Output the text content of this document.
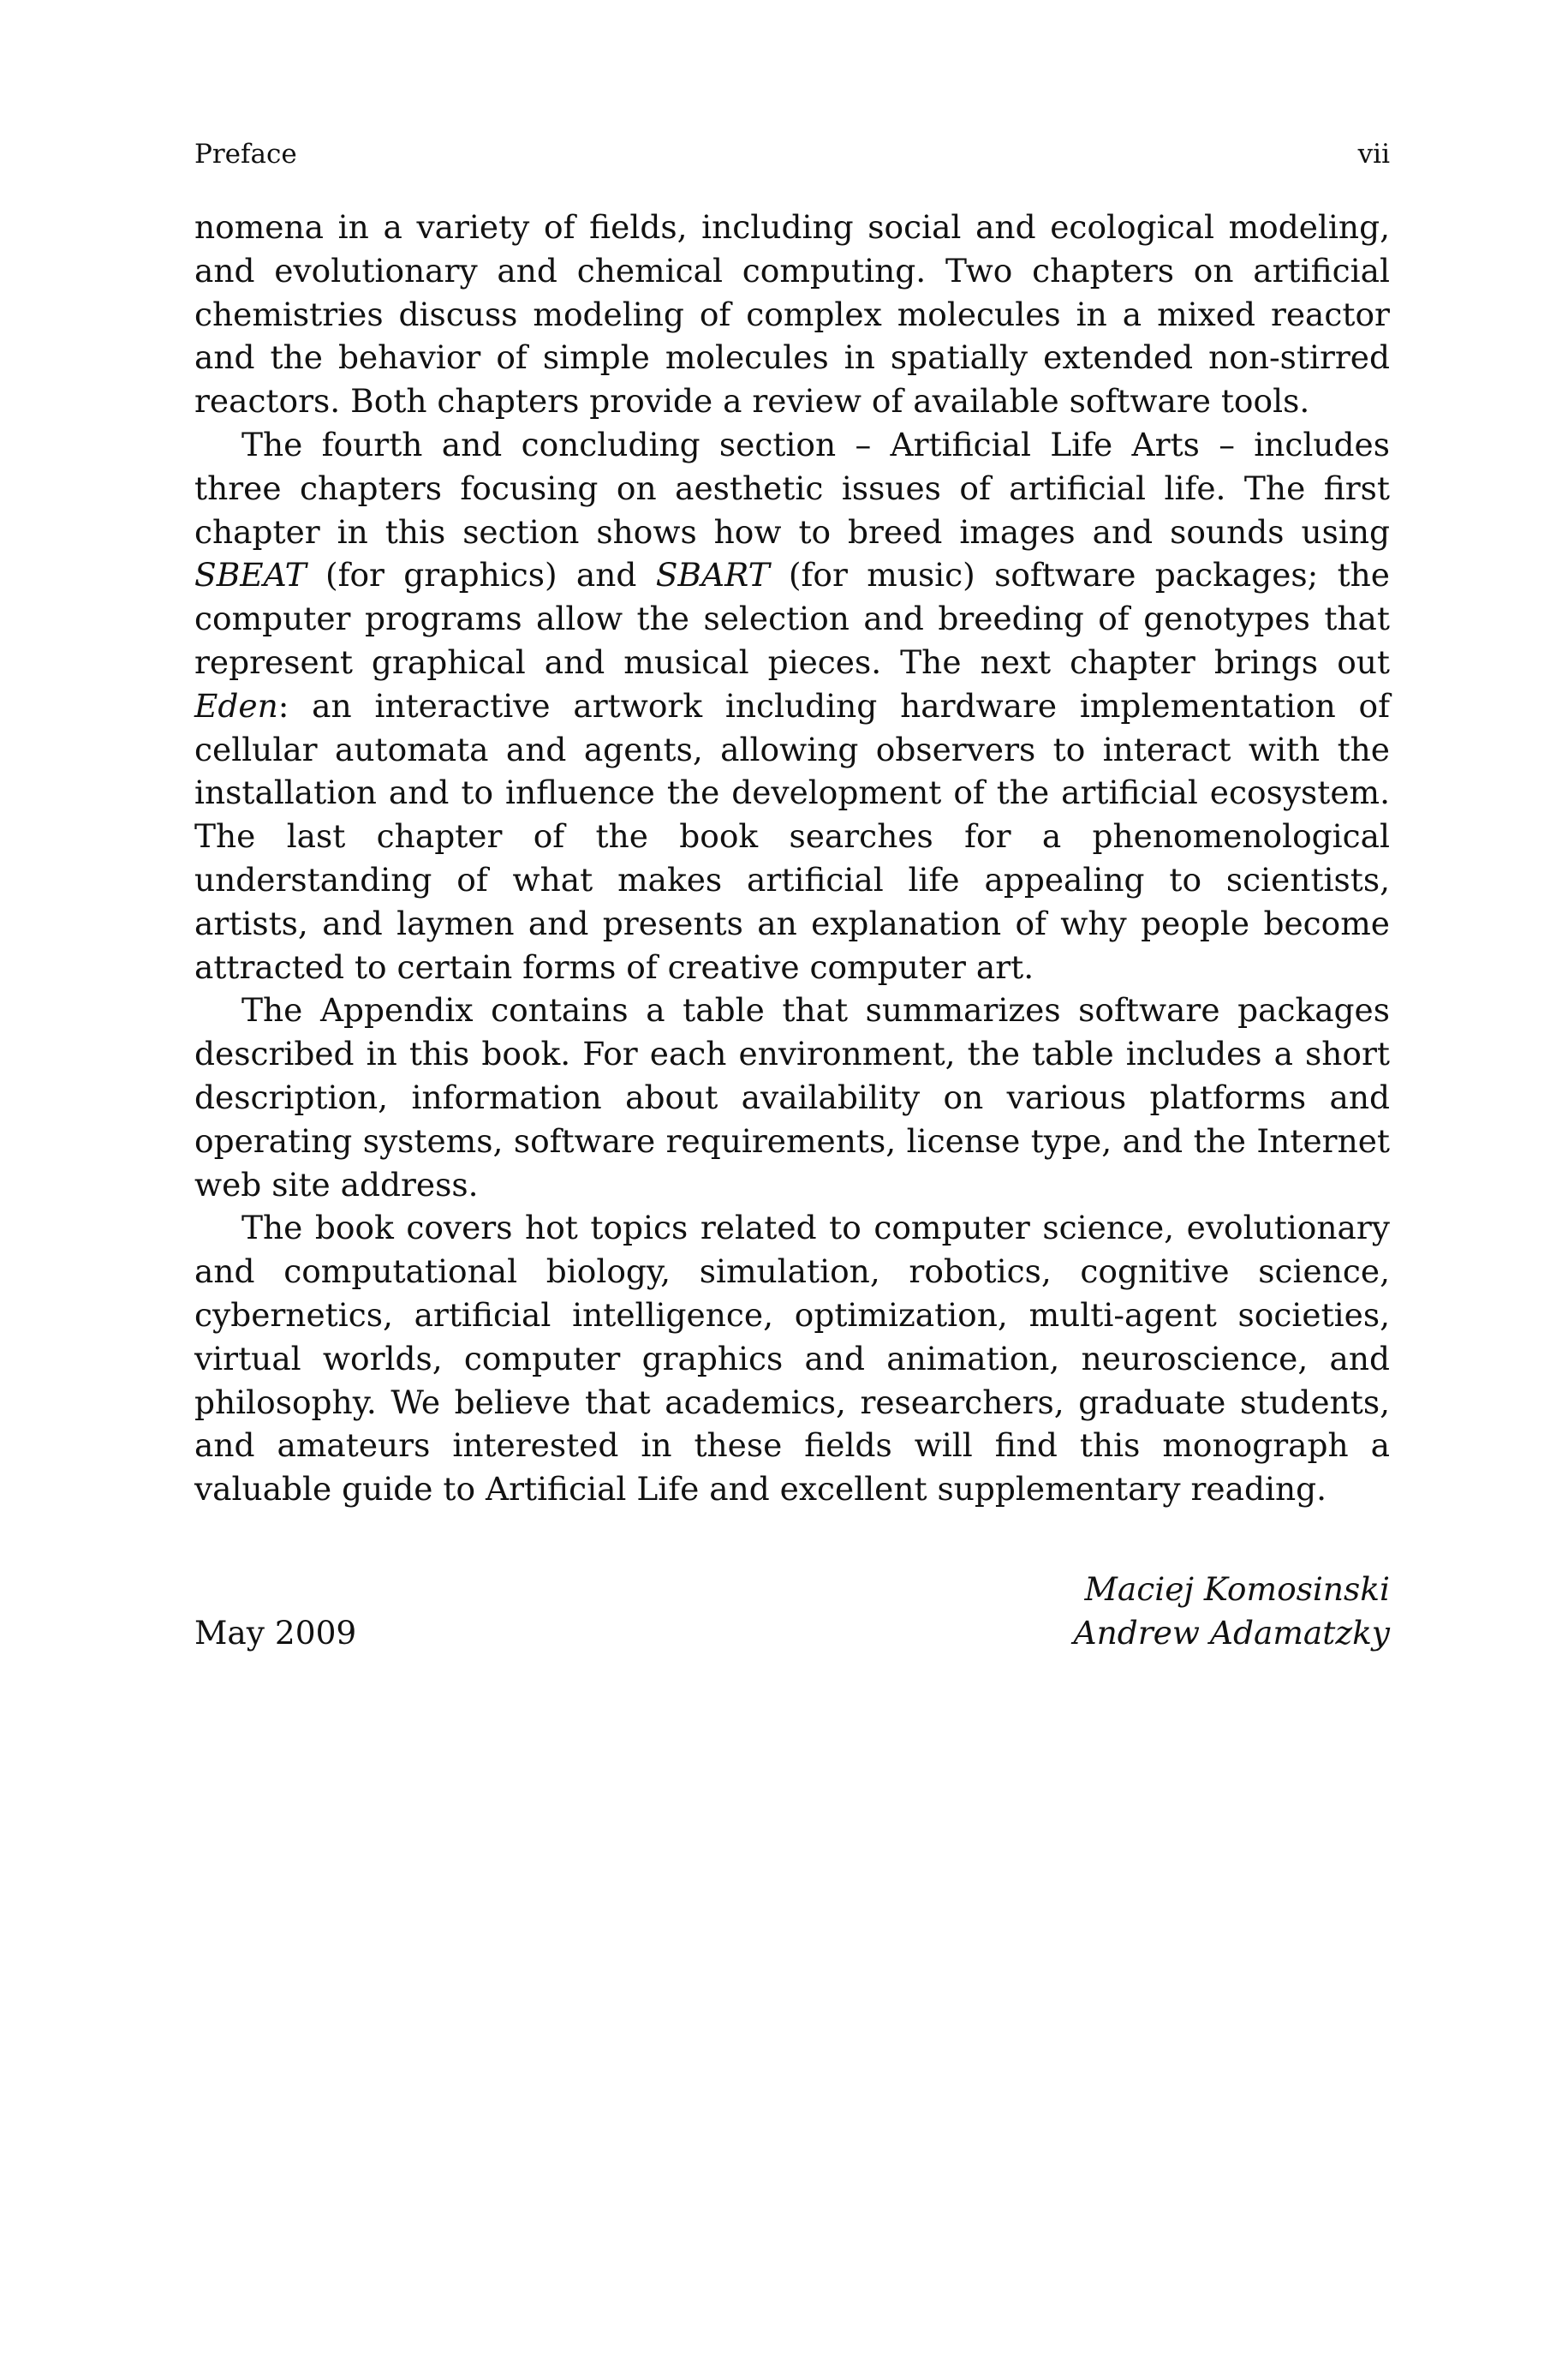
Preface	vii

nomena in a variety of fields, including social and ecological modeling, and evolutionary and chemical computing. Two chapters on artificial chemistries discuss modeling of complex molecules in a mixed reactor and the behavior of simple molecules in spatially extended non-stirred reactors. Both chapters provide a review of available software tools.

The fourth and concluding section – Artificial Life Arts – includes three chapters focusing on aesthetic issues of artificial life. The first chapter in this section shows how to breed images and sounds using SBEAT (for graphics) and SBART (for music) software packages; the computer programs allow the selection and breeding of genotypes that represent graphical and musical pieces. The next chapter brings out Eden: an interactive artwork including hardware implementation of cellular automata and agents, allowing observers to interact with the installation and to influence the development of the artificial ecosystem. The last chapter of the book searches for a phenomenological understanding of what makes artificial life appealing to scientists, artists, and laymen and presents an explanation of why people become attracted to certain forms of creative computer art.

The Appendix contains a table that summarizes software packages described in this book. For each environment, the table includes a short description, information about availability on various platforms and operating systems, software requirements, license type, and the Internet web site address.

The book covers hot topics related to computer science, evolutionary and computational biology, simulation, robotics, cognitive science, cybernetics, artificial intelligence, optimization, multi-agent societies, virtual worlds, computer graphics and animation, neuroscience, and philosophy. We believe that academics, researchers, graduate students, and amateurs interested in these fields will find this monograph a valuable guide to Artificial Life and excellent supplementary reading.

May 2009
Maciej Komosinski
Andrew Adamatzky
